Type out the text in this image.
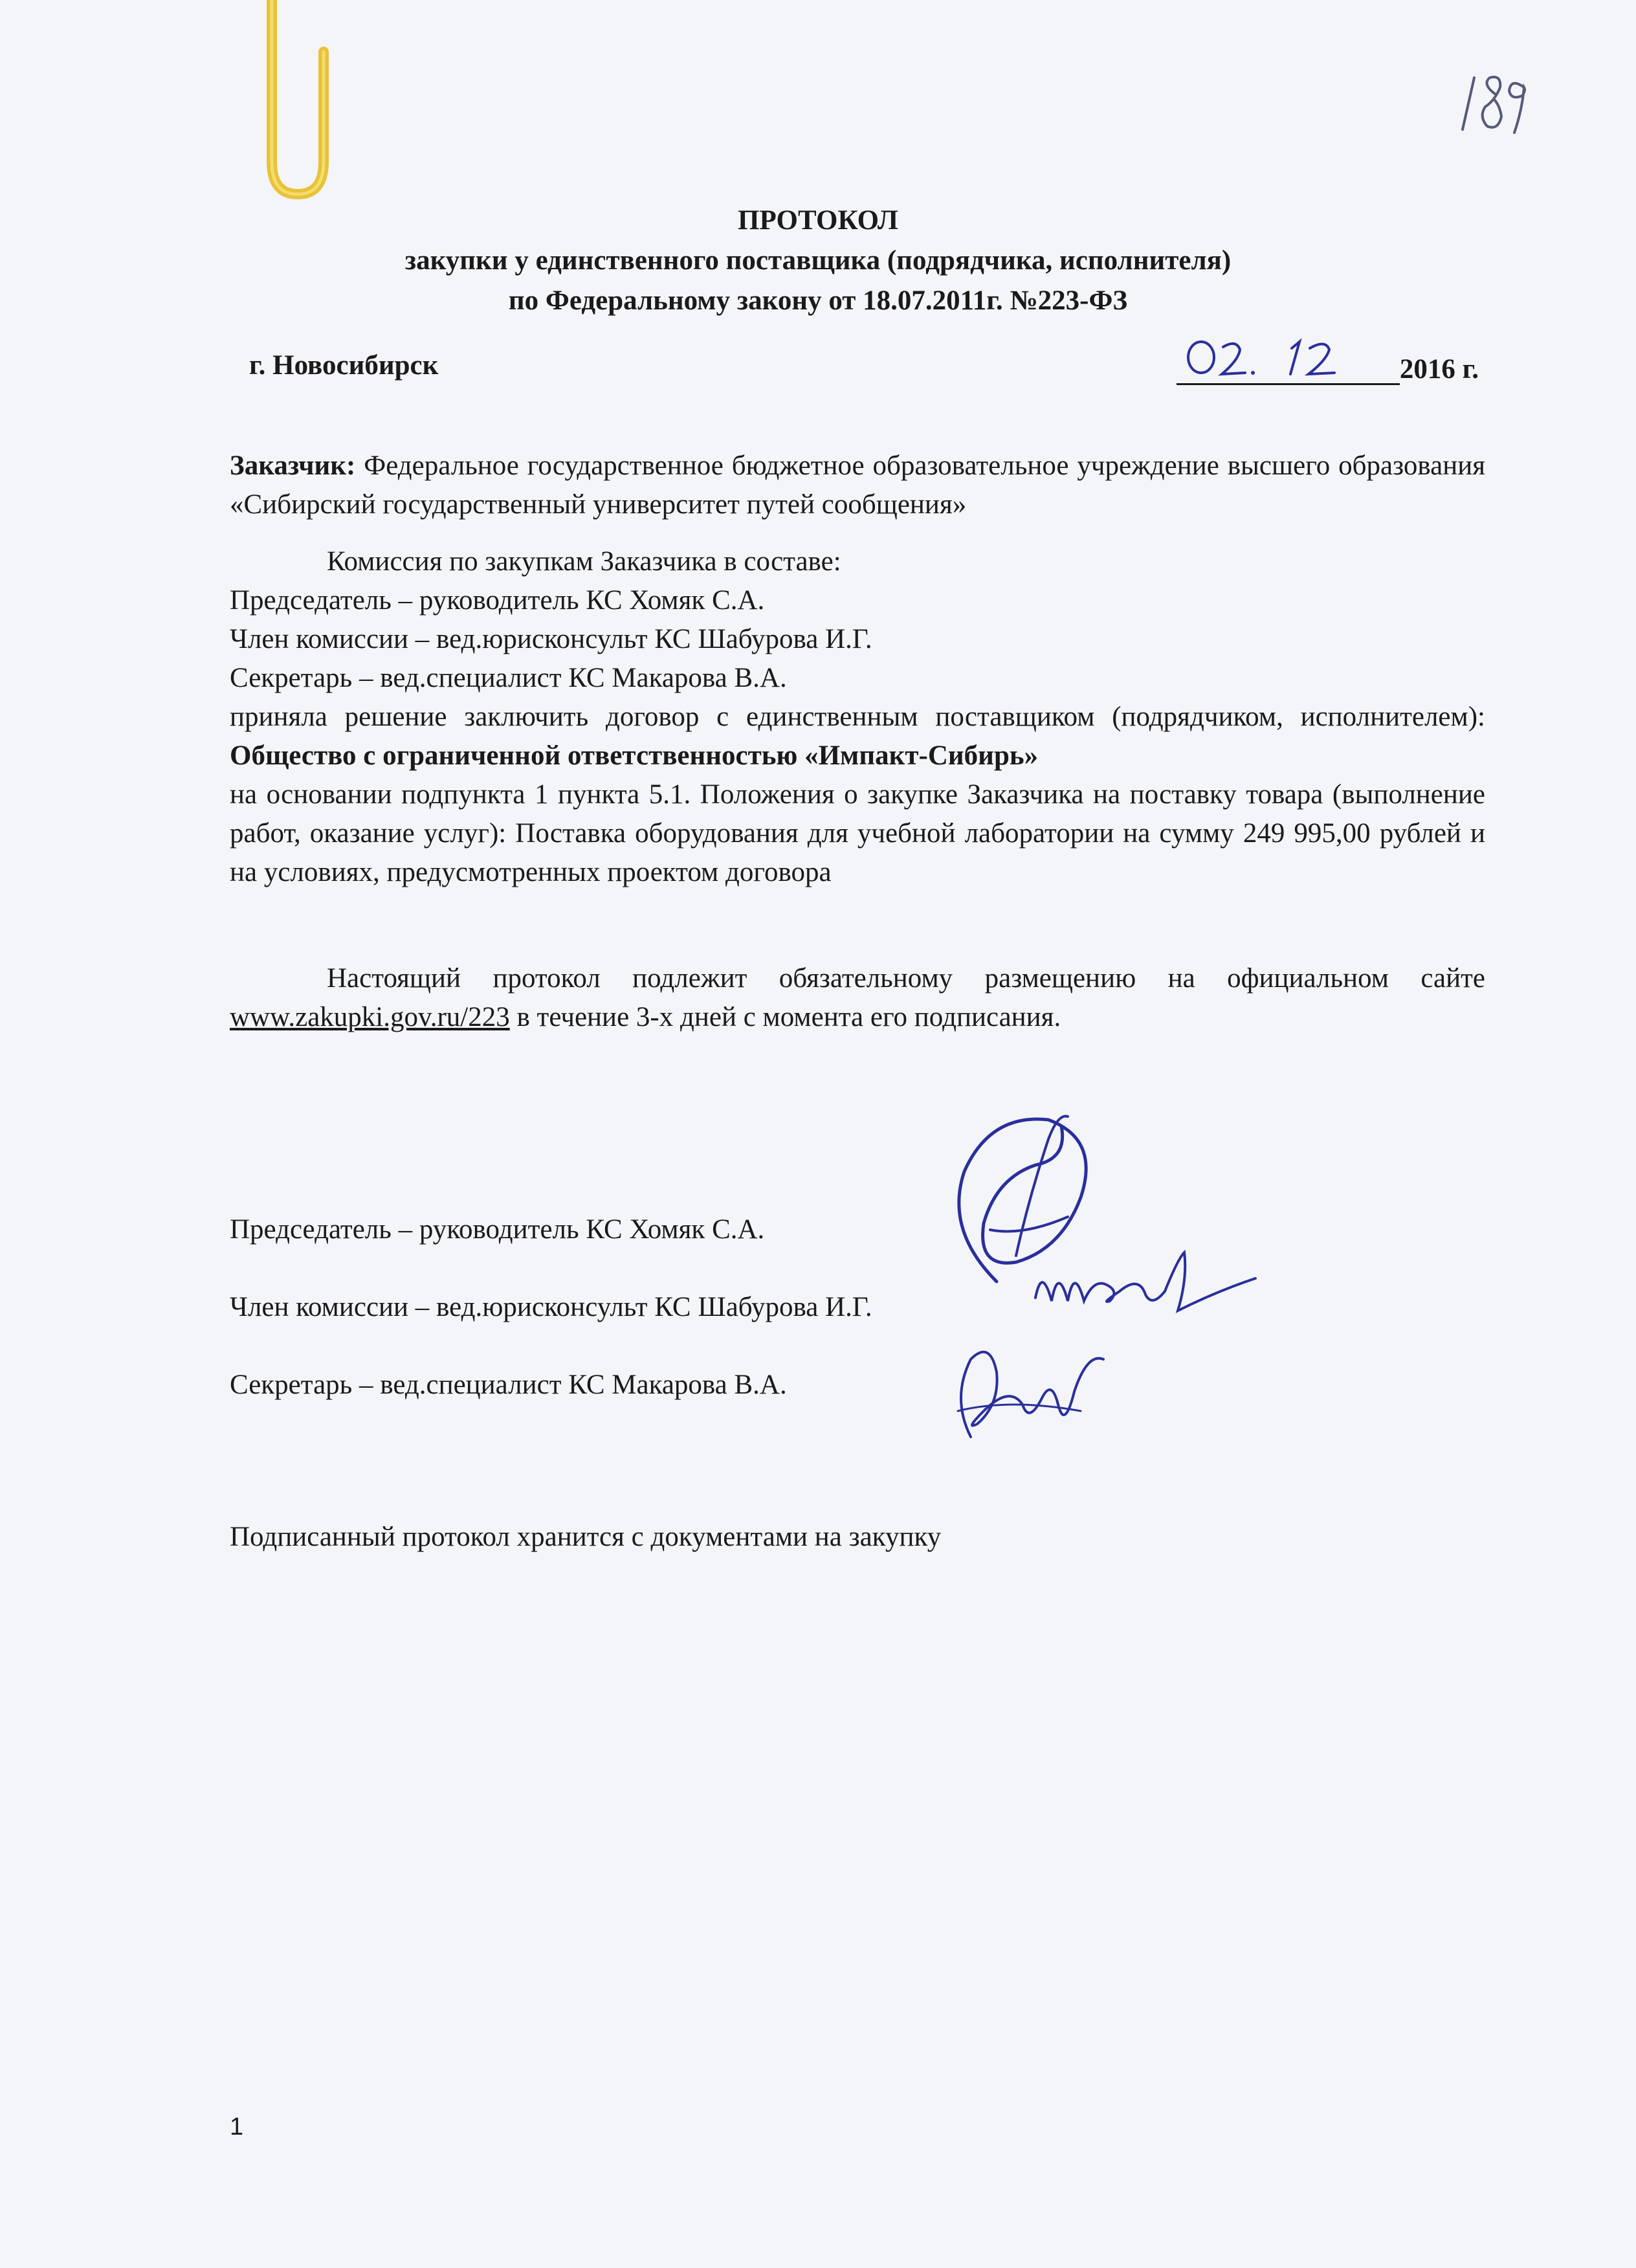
ПРОТОКОЛ
закупки у единственного поставщика (подрядчика, исполнителя)
по Федеральному закону от 18.07.2011г. №223-ФЗ
г. Новосибирск	2016 г.

Заказчик: Федеральное государственное бюджетное образовательное учреждение высшего образования «Сибирский государственный университет путей сообщения»

Комиссия по закупкам Заказчика в составе:

Председатель – руководитель КС Хомяк С.А.

Член комиссии – вед.юрисконсульт КС Шабурова И.Г.

Секретарь – вед.специалист КС Макарова В.А.

приняла решение заключить договор с единственным поставщиком (подрядчиком, исполнителем): Общество с ограниченной ответственностью «Импакт-Сибирь»

на основании подпункта 1 пункта 5.1. Положения о закупке Заказчика на поставку товара (выполнение работ, оказание услуг): Поставка оборудования для учебной лаборатории на сумму 249 995,00 рублей и на условиях, предусмотренных проектом договора

Настоящий протокол подлежит обязательному размещению на официальном сайте www.zakupki.gov.ru/223 в течение 3-х дней с момента его подписания.

Председатель – руководитель КС Хомяк С.А.

Член комиссии – вед.юрисконсульт КС Шабурова И.Г.

Секретарь – вед.специалист КС Макарова В.А.

Подписанный протокол хранится с документами на закупку
1
